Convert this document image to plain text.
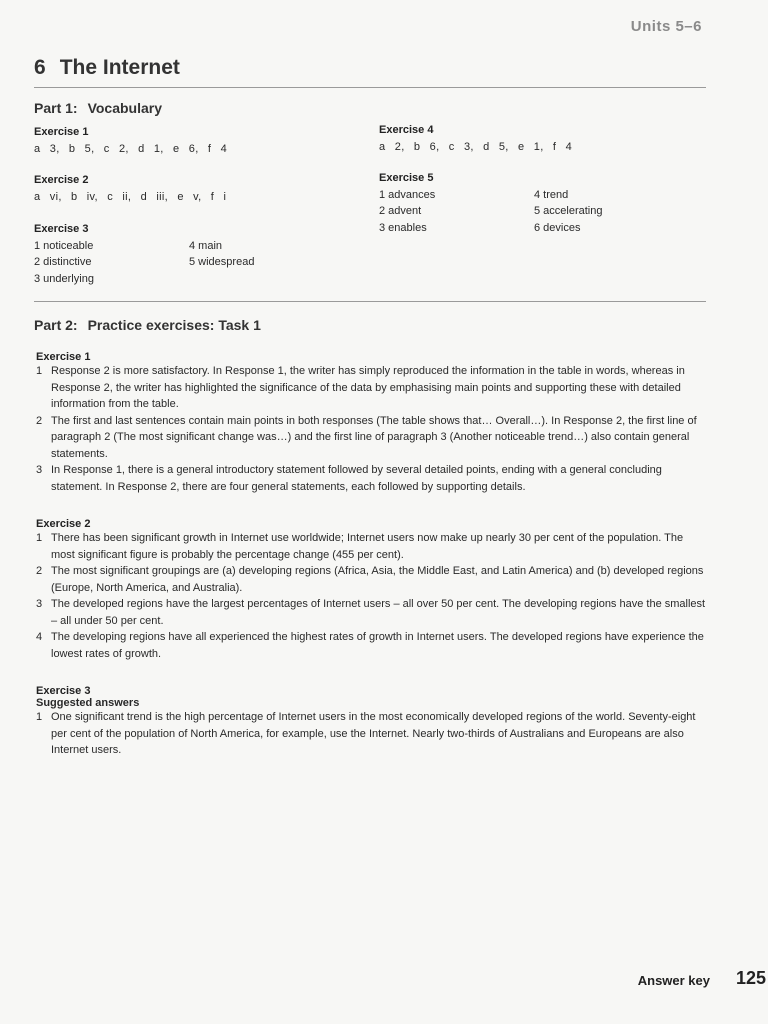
Units 5–6
6 The Internet
Part 1: Vocabulary
Exercise 1
a 3, b 5, c 2, d 1, e 6, f 4
Exercise 2
a vi, b iv, c ii, d iii, e v, f i
Exercise 3
1 noticeable
2 distinctive
3 underlying
4 main
5 widespread
Exercise 4
a 2, b 6, c 3, d 5, e 1, f 4
Exercise 5
1 advances
2 advent
3 enables
4 trend
5 accelerating
6 devices
Part 2: Practice exercises: Task 1
Exercise 1
1 Response 2 is more satisfactory. In Response 1, the writer has simply reproduced the information in the table in words, whereas in Response 2, the writer has highlighted the significance of the data by emphasising main points and supporting these with detailed information from the table.
2 The first and last sentences contain main points in both responses (The table shows that… Overall…). In Response 2, the first line of paragraph 2 (The most significant change was…) and the first line of paragraph 3 (Another noticeable trend…) also contain general statements.
3 In Response 1, there is a general introductory statement followed by several detailed points, ending with a general concluding statement. In Response 2, there are four general statements, each followed by supporting details.
Exercise 2
1 There has been significant growth in Internet use worldwide; Internet users now make up nearly 30 per cent of the population. The most significant figure is probably the percentage change (455 per cent).
2 The most significant groupings are (a) developing regions (Africa, Asia, the Middle East, and Latin America) and (b) developed regions (Europe, North America, and Australia).
3 The developed regions have the largest percentages of Internet users – all over 50 per cent. The developing regions have the smallest – all under 50 per cent.
4 The developing regions have all experienced the highest rates of growth in Internet users. The developed regions have experience the lowest rates of growth.
Exercise 3
Suggested answers
1 One significant trend is the high percentage of Internet users in the most economically developed regions of the world. Seventy-eight per cent of the population of North America, for example, use the Internet. Nearly two-thirds of Australians and Europeans are also Internet users.
Answer key 125
